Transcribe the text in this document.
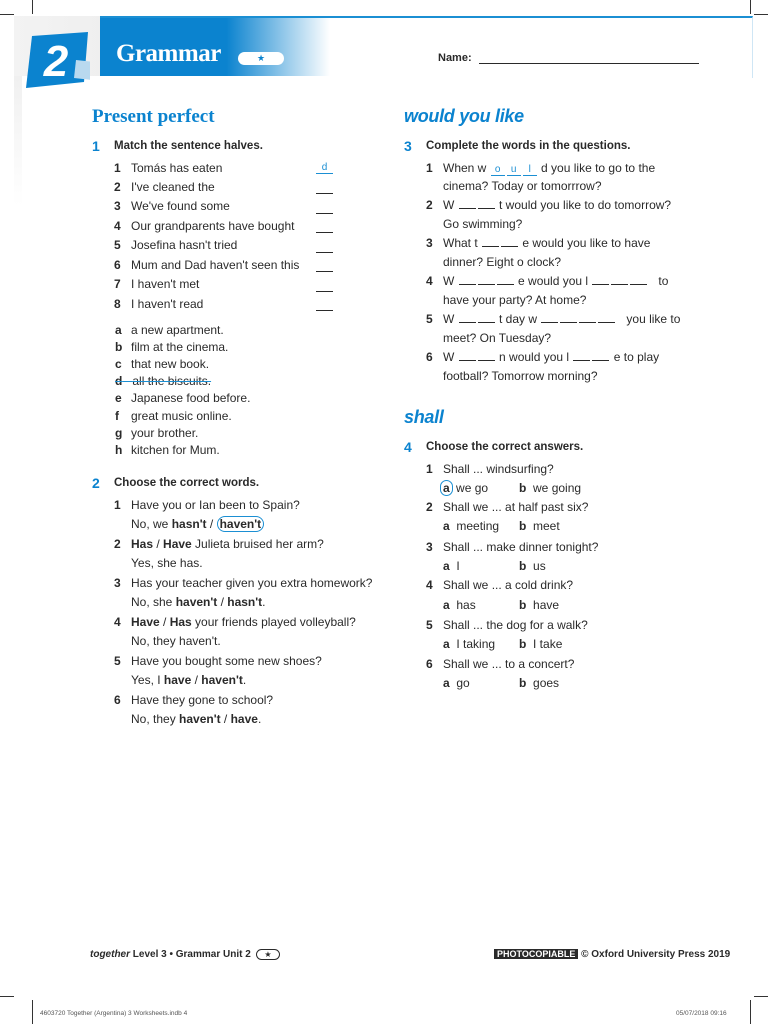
2 Grammar	★	Name:
Present perfect
1 Match the sentence halves.
1 Tomás has eaten	d
2 I've cleaned the
3 We've found some
4 Our grandparents have bought
5 Josefina hasn't tried
6 Mum and Dad haven't seen this
7 I haven't met
8 I haven't read
a a new apartment.
b film at the cinema.
c that new book.
d all the biscuits.
e Japanese food before.
f great music online.
g your brother.
h kitchen for Mum.
2 Choose the correct words.
1 Have you or Ian been to Spain?
No, we hasn't / haven't
2 Has / Have Julieta bruised her arm?
Yes, she has.
3 Has your teacher given you extra homework?
No, she haven't / hasn't.
4 Have / Has your friends played volleyball?
No, they haven't.
5 Have you bought some new shoes?
Yes, I have / haven't.
6 Have they gone to school?
No, they haven't / have.
would you like
3 Complete the words in the questions.
1 When w o u l d you like to go to the
cinema? Today or tomorrrow?
2 W	t would you like to do tomorrow?
Go swimming?
3 What t	e would you like to have
dinner? Eight o clock?
4 W	e would you l	to
have your party? At home?
5 W	t day w	you like to
meet? On Tuesday?
6 W	n would you l	e to play
football? Tomorrow morning?
shall
4 Choose the correct answers.
1 Shall ... windsurfing?
a we go	b we going
2 Shall we ... at half past six?
a meeting b meet
3 Shall ... make dinner tonight?
a I	b us
4 Shall we ... a cold drink?
a has	b have
5 Shall ... the dog for a walk?
a I taking b I take
6 Shall we ... to a concert?
a go	b goes
together Level 3 • Grammar Unit 2 ★	PHOTOCOPIABLE © Oxford University Press 2019
4603720 Together (Argentina) 3 Worksheets.indb 4	05/07/2018 09:16
